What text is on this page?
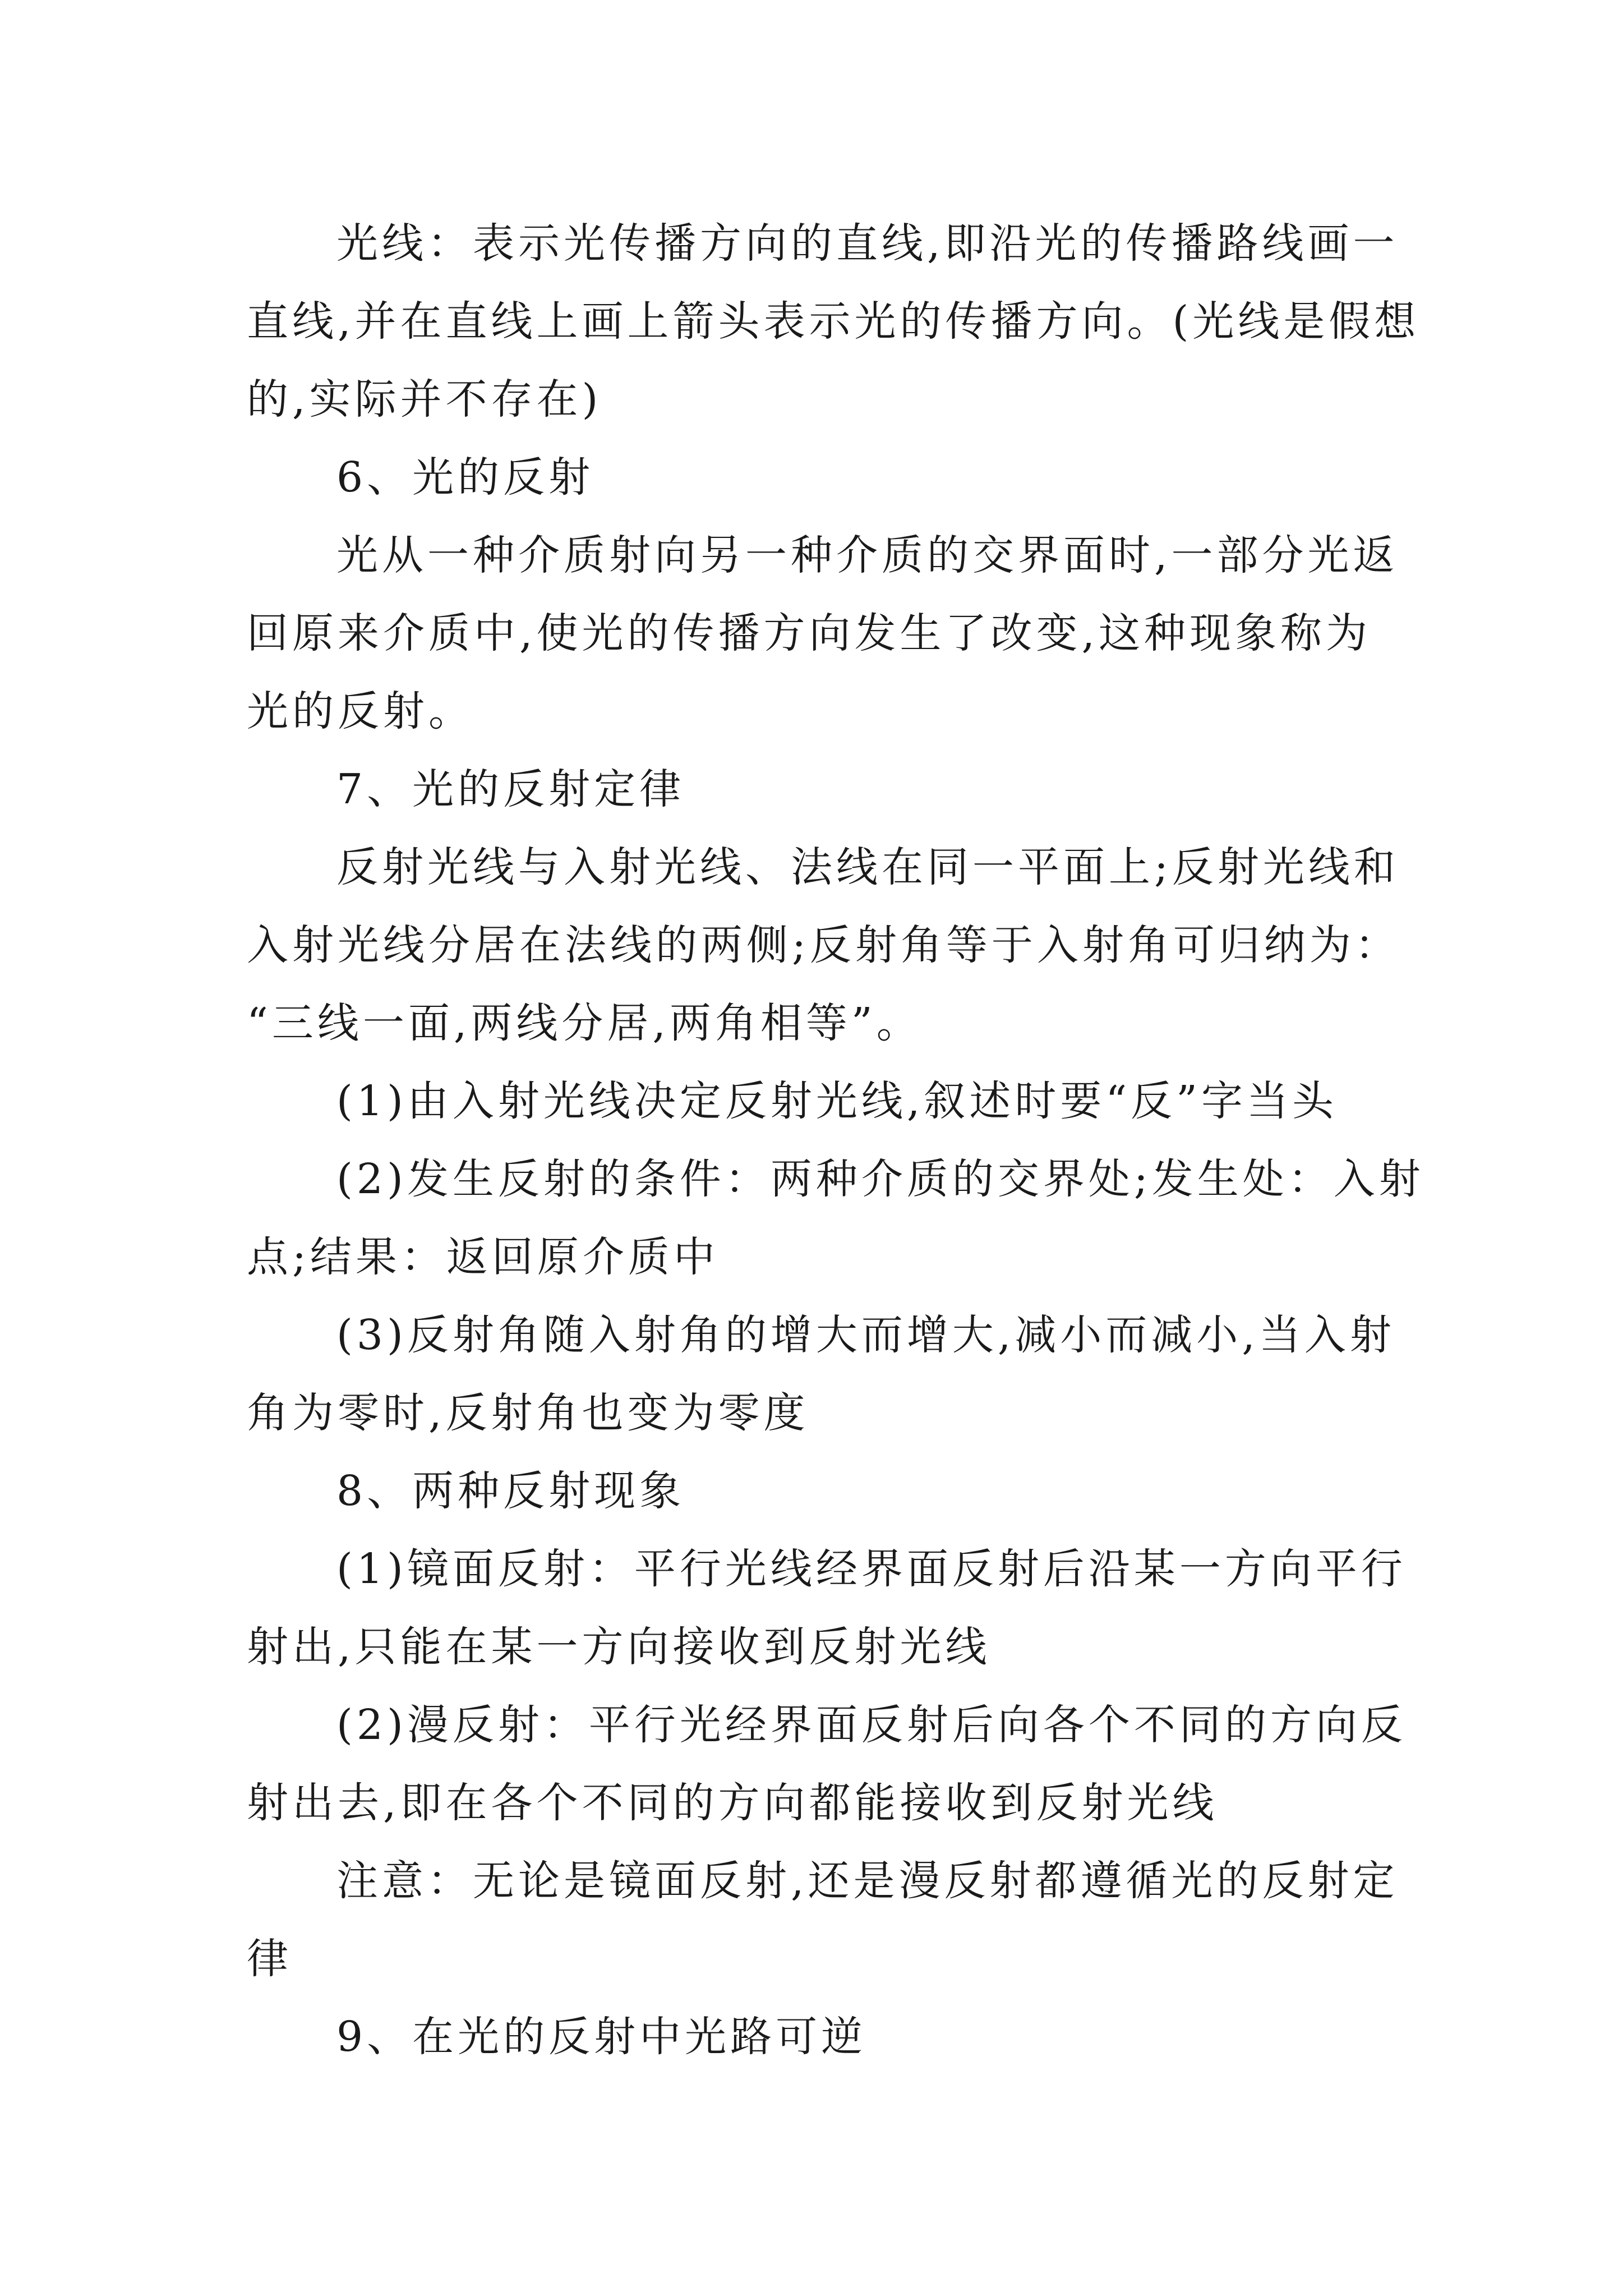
光线：表示光传播方向的直线,即沿光的传播路线画一
直线,并在直线上画上箭头表示光的传播方向。(光线是假想
的,实际并不存在)
6、光的反射
光从一种介质射向另一种介质的交界面时,一部分光返
回原来介质中,使光的传播方向发生了改变,这种现象称为
光的反射。
7、光的反射定律
反射光线与入射光线、法线在同一平面上;反射光线和
入射光线分居在法线的两侧;反射角等于入射角可归纳为：
“三线一面,两线分居,两角相等”。
(1)由入射光线决定反射光线,叙述时要“反”字当头
(2)发生反射的条件：两种介质的交界处;发生处：入射
点;结果：返回原介质中
(3)反射角随入射角的增大而增大,减小而减小,当入射
角为零时,反射角也变为零度
8、两种反射现象
(1)镜面反射：平行光线经界面反射后沿某一方向平行
射出,只能在某一方向接收到反射光线
(2)漫反射：平行光经界面反射后向各个不同的方向反
射出去,即在各个不同的方向都能接收到反射光线
注意：无论是镜面反射,还是漫反射都遵循光的反射定
律
9、在光的反射中光路可逆
